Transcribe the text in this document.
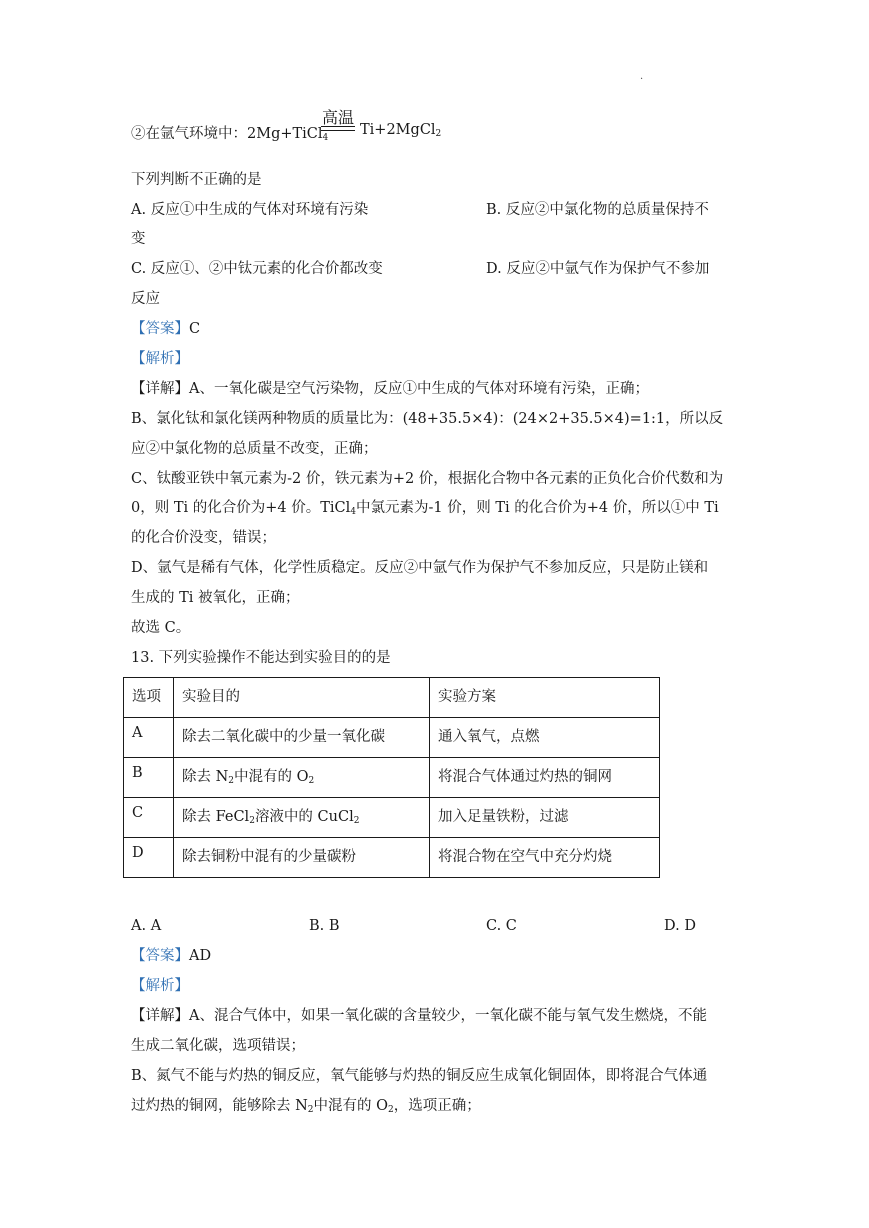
·
②在氩气环境中：2Mg+TiCl$_4$
高温
Ti+2MgCl$_2$
下列判断不正确的是
A. 反应①中生成的气体对环境有污染	B. 反应②中氯化物的总质量保持不
变
C. 反应①、②中钛元素的化合价都改变	D. 反应②中氩气作为保护气不参加
反应
【答案】C
【解析】
【详解】A、一氧化碳是空气污染物，反应①中生成的气体对环境有污染，正确；
B、氯化钛和氯化镁两种物质的质量比为：(48+35.5×4)：(24×2+35.5×4)=1:1，所以反
应②中氯化物的总质量不改变，正确；
C、钛酸亚铁中氧元素为-2 价，铁元素为+2 价，根据化合物中各元素的正负化合价代数和为
0，则 Ti 的化合价为+4 价。TiCl$_4$中氯元素为-1 价，则 Ti 的化合价为+4 价，所以①中 Ti
的化合价没变，错误；
D、氩气是稀有气体，化学性质稳定。反应②中氩气作为保护气不参加反应，只是防止镁和
生成的 Ti 被氧化，正确；
故选 C。
13. 下列实验操作不能达到实验目的的是
选项	实验目的	实验方案
A	除去二氧化碳中的少量一氧化碳	通入氧气，点燃
B	除去 $N_2$中混有的 $O_2$	将混合气体通过灼热的铜网
C	除去 FeCl$_2$溶液中的 CuCl$_2$	加入足量铁粉，过滤
D	除去铜粉中混有的少量碳粉	将混合物在空气中充分灼烧
A. A	B. B	C. C	D. D
【答案】AD
【解析】
【详解】A、混合气体中，如果一氧化碳的含量较少，一氧化碳不能与氧气发生燃烧，不能
生成二氧化碳，选项错误；
B、氮气不能与灼热的铜反应，氧气能够与灼热的铜反应生成氧化铜固体，即将混合气体通
过灼热的铜网，能够除去 $N_2$中混有的 $O_2$，选项正确；
